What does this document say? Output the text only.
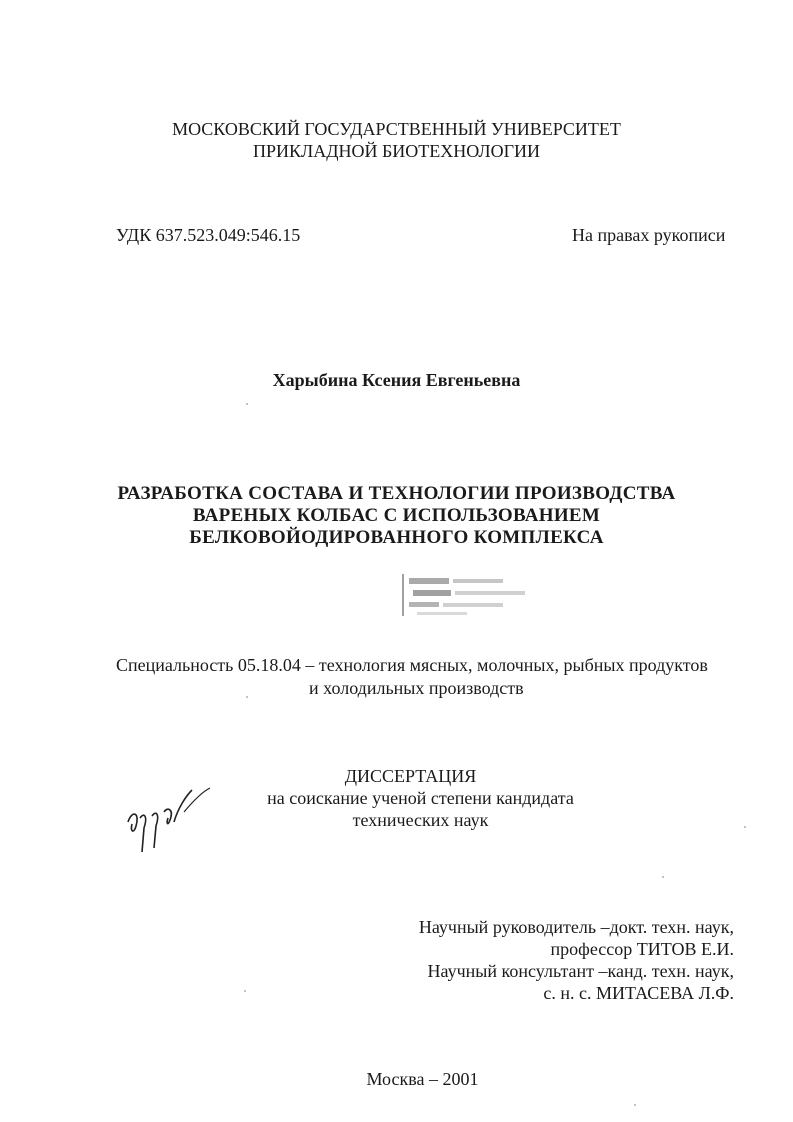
МОСКОВСКИЙ ГОСУДАРСТВЕННЫЙ УНИВЕРСИТЕТ
ПРИКЛАДНОЙ БИОТЕХНОЛОГИИ
УДК 637.523.049:546.15	На правах рукописи
Харыбина Ксения Евгеньевна
РАЗРАБОТКА СОСТАВА И ТЕХНОЛОГИИ ПРОИЗВОДСТВА
ВАРЕНЫХ КОЛБАС С ИСПОЛЬЗОВАНИЕМ
БЕЛКОВОЙОДИРОВАННОГО КОМПЛЕКСА
Специальность 05.18.04 – технология мясных, молочных, рыбных продуктов
и холодильных производств
ДИССЕРТАЦИЯ
на соискание ученой степени кандидата
технических наук
Научный руководитель –докт. техн. наук,
профессор ТИТОВ Е.И.
Научный консультант –канд. техн. наук,
с. н. с. МИТАСЕВА Л.Ф.
Москва – 2001
